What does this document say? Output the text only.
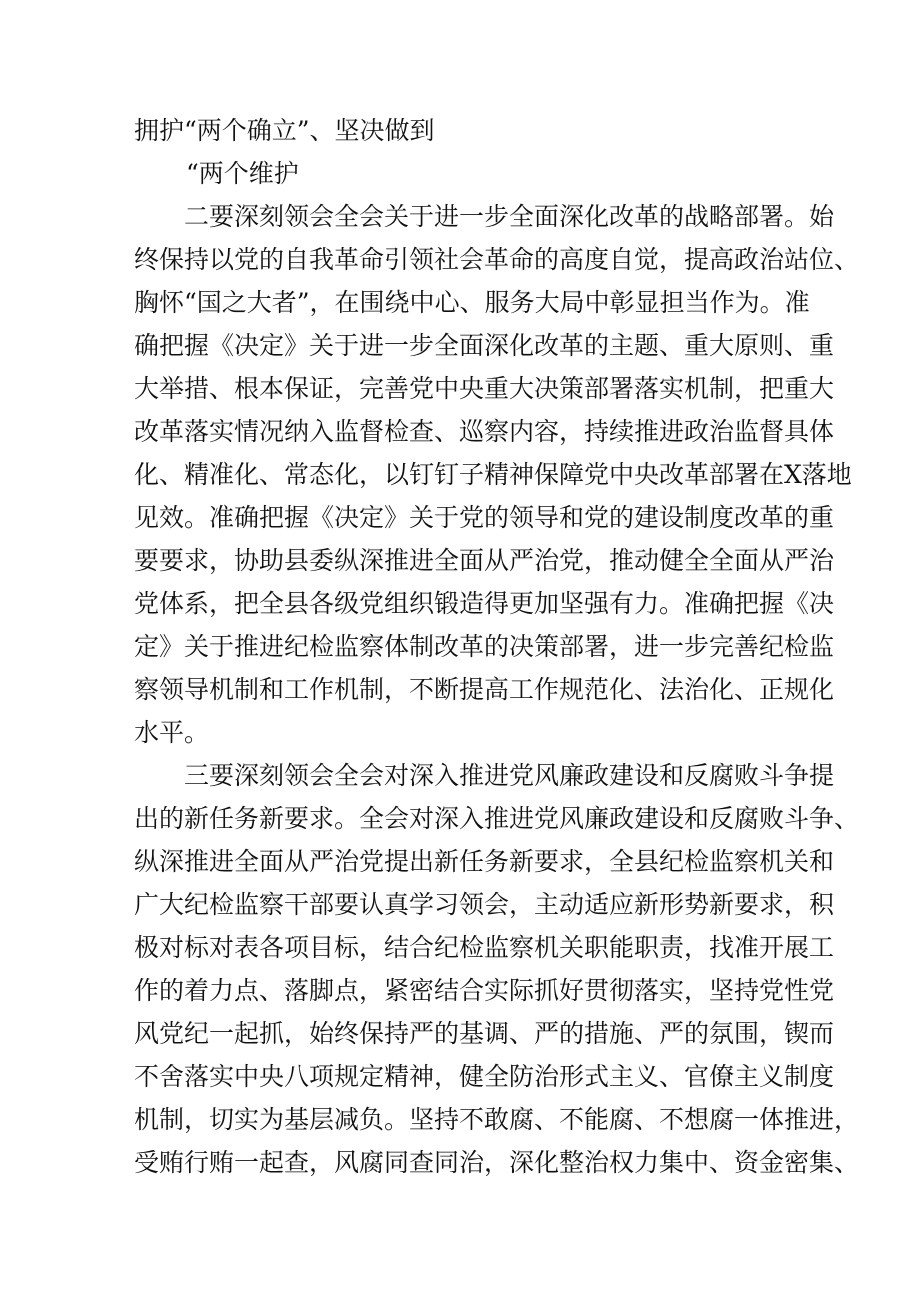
拥护“两个确立”、坚决做到
“两个维护
二要深刻领会全会关于进一步全面深化改革的战略部署。始
终保持以党的自我革命引领社会革命的高度自觉，提高政治站位、
胸怀“国之大者”，在围绕中心、服务大局中彰显担当作为。准
确把握《决定》关于进一步全面深化改革的主题、重大原则、重
大举措、根本保证，完善党中央重大决策部署落实机制，把重大
改革落实情况纳入监督检查、巡察内容，持续推进政治监督具体
化、精准化、常态化，以钉钉子精神保障党中央改革部署在X落地
见效。准确把握《决定》关于党的领导和党的建设制度改革的重
要要求，协助县委纵深推进全面从严治党，推动健全全面从严治
党体系，把全县各级党组织锻造得更加坚强有力。准确把握《决
定》关于推进纪检监察体制改革的决策部署，进一步完善纪检监
察领导机制和工作机制，不断提高工作规范化、法治化、正规化
水平。
三要深刻领会全会对深入推进党风廉政建设和反腐败斗争提
出的新任务新要求。全会对深入推进党风廉政建设和反腐败斗争、
纵深推进全面从严治党提出新任务新要求，全县纪检监察机关和
广大纪检监察干部要认真学习领会，主动适应新形势新要求，积
极对标对表各项目标，结合纪检监察机关职能职责，找准开展工
作的着力点、落脚点，紧密结合实际抓好贯彻落实，坚持党性党
风党纪一起抓，始终保持严的基调、严的措施、严的氛围，锲而
不舍落实中央八项规定精神，健全防治形式主义、官僚主义制度
机制，切实为基层减负。坚持不敢腐、不能腐、不想腐一体推进，
受贿行贿一起查，风腐同查同治，深化整治权力集中、资金密集、
